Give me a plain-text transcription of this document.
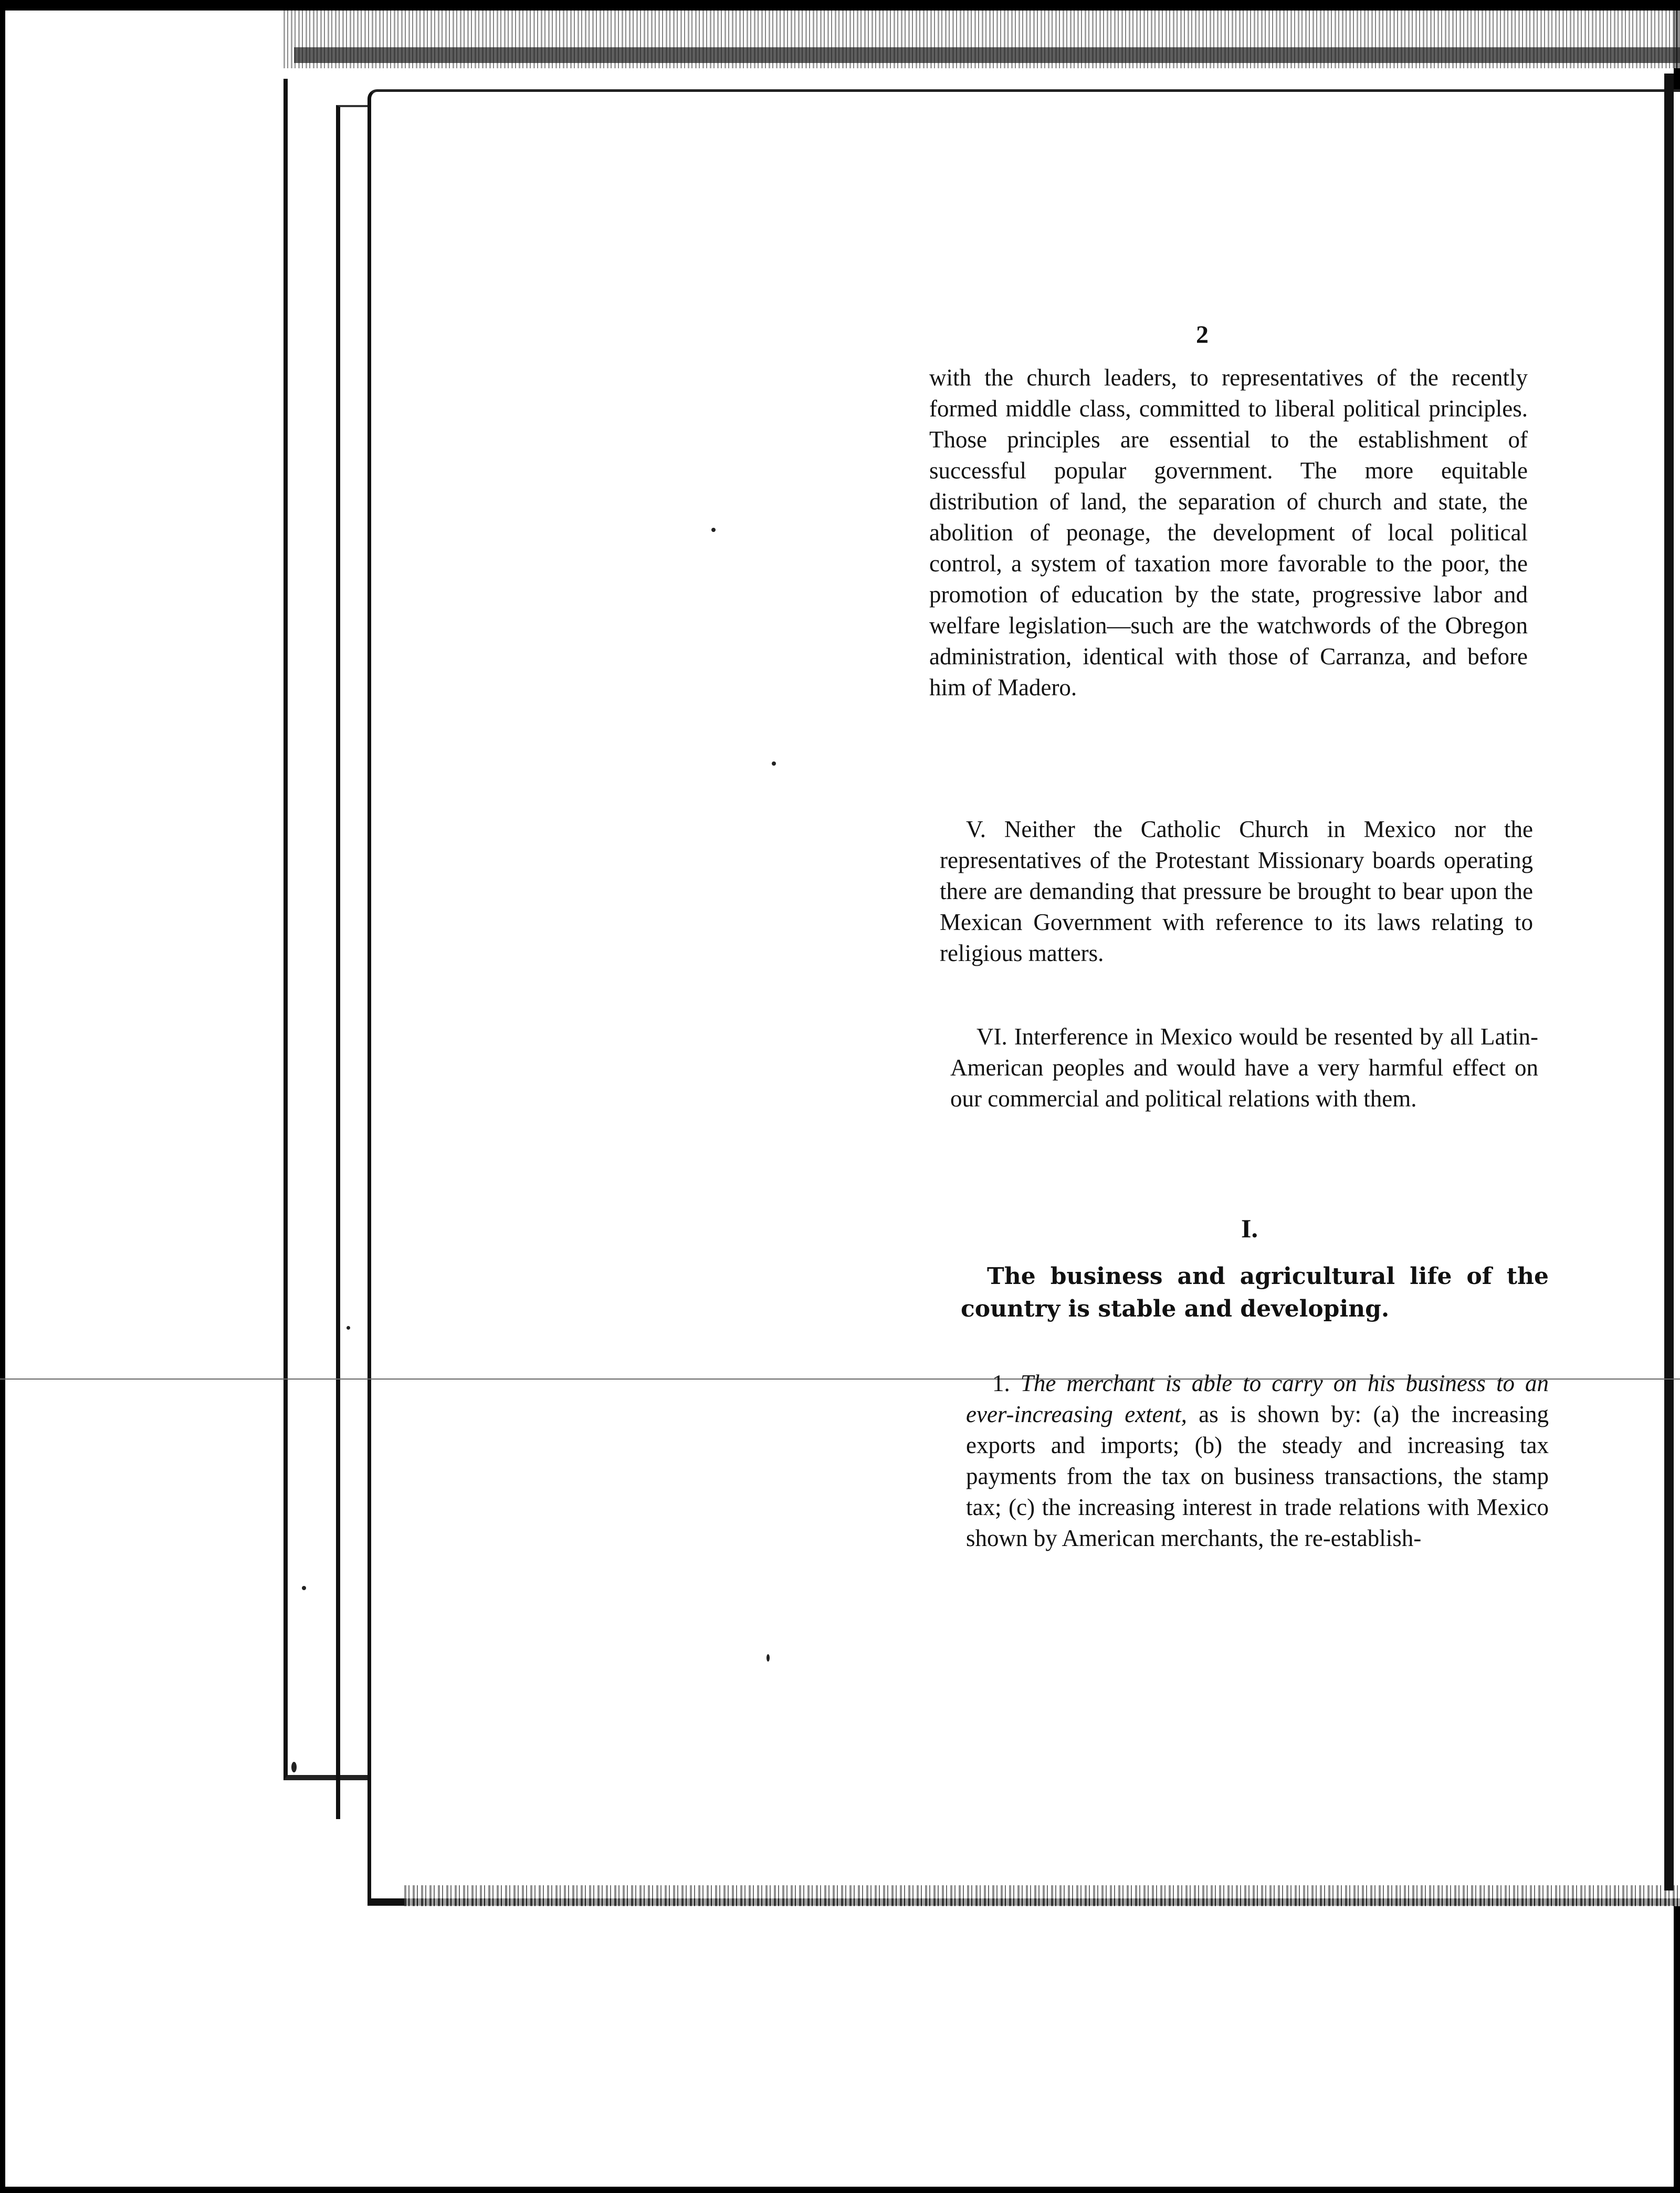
2

with the church leaders, to representatives of the recently formed middle class, committed to liberal political principles. Those principles are essential to the establishment of successful popular government. The more equitable distribution of land, the separation of church and state, the abolition of peonage, the development of local political control, a system of taxation more favorable to the poor, the promotion of education by the state, progressive labor and welfare legislation—such are the watchwords of the Obregon administration, identical with those of Carranza, and before him of Madero.

V. Neither the Catholic Church in Mexico nor the representatives of the Protestant Missionary boards operating there are demanding that pressure be brought to bear upon the Mexican Government with reference to its laws relating to religious matters.

VI. Interference in Mexico would be resented by all Latin-American peoples and would have a very harmful effect on our commercial and political relations with them.

I.

The business and agricultural life of the country is stable and developing.

1. The merchant is able to carry on his business to an ever-increasing extent, as is shown by: (a) the increasing exports and imports; (b) the steady and increasing tax payments from the tax on business transactions, the stamp tax; (c) the increasing interest in trade relations with Mexico shown by American merchants, the re-establish-
